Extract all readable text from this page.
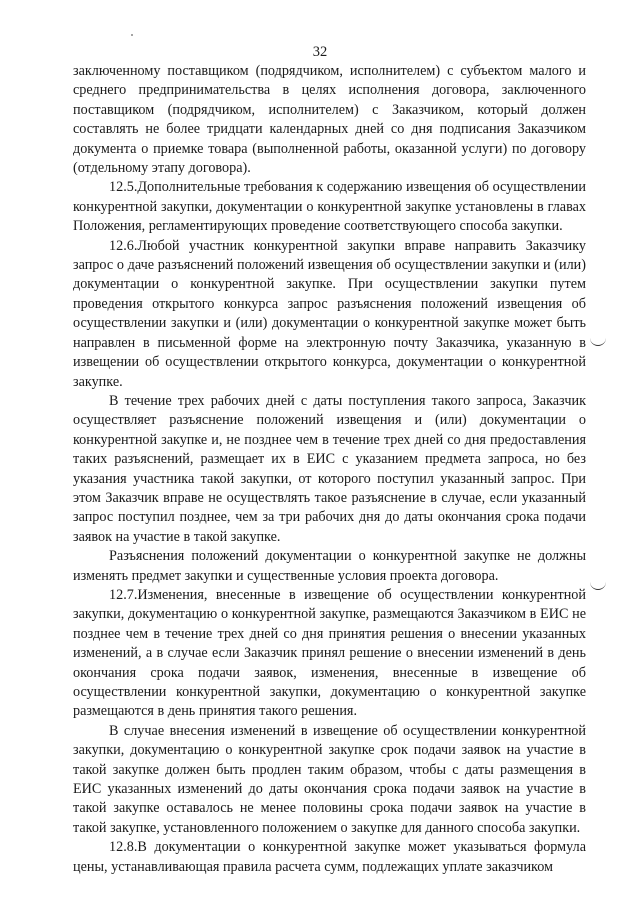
32

заключенному поставщиком (подрядчиком, исполнителем) с субъектом малого и среднего предпринимательства в целях исполнения договора, заключенного поставщиком (подрядчиком, исполнителем) с Заказчиком, который должен составлять не более тридцати календарных дней со дня подписания Заказчиком документа о приемке товара (выполненной работы, оказанной услуги) по договору (отдельному этапу договора).

12.5.Дополнительные требования к содержанию извещения об осуществлении конкурентной закупки, документации о конкурентной закупке установлены в главах Положения, регламентирующих проведение соответствующего способа закупки.

12.6.Любой участник конкурентной закупки вправе направить Заказчику запрос о даче разъяснений положений извещения об осуществлении закупки и (или) документации о конкурентной закупке. При осуществлении закупки путем проведения открытого конкурса запрос разъяснения положений извещения об осуществлении закупки и (или) документации о конкурентной закупке может быть направлен в письменной форме на электронную почту Заказчика, указанную в извещении об осуществлении открытого конкурса, документации о конкурентной закупке.

В течение трех рабочих дней с даты поступления такого запроса, Заказчик осуществляет разъяснение положений извещения и (или) документации о конкурентной закупке и, не позднее чем в течение трех дней со дня предоставления таких разъяснений, размещает их в ЕИС с указанием предмета запроса, но без указания участника такой закупки, от которого поступил указанный запрос. При этом Заказчик вправе не осуществлять такое разъяснение в случае, если указанный запрос поступил позднее, чем за три рабочих дня до даты окончания срока подачи заявок на участие в такой закупке.

Разъяснения положений документации о конкурентной закупке не должны изменять предмет закупки и существенные условия проекта договора.

12.7.Изменения, внесенные в извещение об осуществлении конкурентной закупки, документацию о конкурентной закупке, размещаются Заказчиком в ЕИС не позднее чем в течение трех дней со дня принятия решения о внесении указанных изменений, а в случае если Заказчик принял решение о внесении изменений в день окончания срока подачи заявок, изменения, внесенные в извещение об осуществлении конкурентной закупки, документацию о конкурентной закупке размещаются в день принятия такого решения.

В случае внесения изменений в извещение об осуществлении конкурентной закупки, документацию о конкурентной закупке срок подачи заявок на участие в такой закупке должен быть продлен таким образом, чтобы с даты размещения в ЕИС указанных изменений до даты окончания срока подачи заявок на участие в такой закупке оставалось не менее половины срока подачи заявок на участие в такой закупке, установленного положением о закупке для данного способа закупки.

12.8.В документации о конкурентной закупке может указываться формула цены, устанавливающая правила расчета сумм, подлежащих уплате заказчиком
